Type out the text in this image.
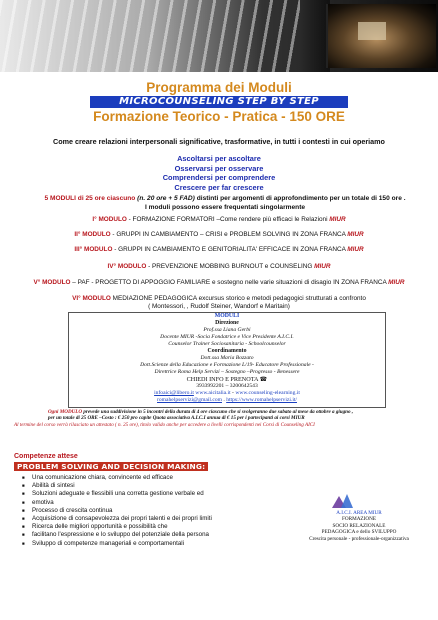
Programma dei Moduli
MICROCOUNSELING STEP BY STEP
Formazione Teorico - Pratica - 150 ORE
Come creare relazioni interpersonali significative, trasformative, in tutti i contesti in cui operiamo
Ascoltarsi per ascoltare
Osservarsi per osservare
Comprendersi per comprendere
Crescere per far crescere
5 MODULI di 25 ore ciascuno (n. 20 ore + 5 FAD) distinti per argomenti di approfondimento per un totale di 150 ore .
I moduli possono essere frequentati singolarmente
I° MODULO - FORMAZIONE FORMATORI –Come rendere più efficaci le Relazioni MIUR
II° MODULO - GRUPPI IN CAMBIAMENTO – CRISI e PROBLEM SOLVING IN ZONA FRANCA MIUR
III° MODULO - GRUPPI IN CAMBIAMENTO E GENITORIALITA' EFFICACE IN ZONA FRANCA MIUR
IV° MODULO - PREVENZIONE MOBBING BURNOUT e COUNSELING MIUR
V° MODULO – PAF - PROGETTO DI APPOGGIO FAMILIARE e sostegno nelle varie situazioni di disagio IN ZONA FRANCA MIUR
VI° MODULO MEDIAZIONE PEDAGOGICA excursus storico e metodi pedagogici strutturati a confronto
( Montessori, , Rudolf Steiner, Wandorf e Maritain)
MODULI
Direzione
Prof.ssa Liana Gerbi
Docente MIUR -Socia Fondatrice e Vice Presidente A.I.C.I.
Counselor Trainer Sociosanitaria - Schoolcounselor
Coordinamento
Dott.ssa Maria Bozzato
Dott.Scienze della Educazione e Formazione L/19- Educatore Professionale -
Direttrice Roma Help Servizi – Sostegno –Progresso - Benessere
CHIEDI INFO E PRENOTA ☎
3933992201 – 3200642543
infoaici@libero.it www.aicitalia.it - www.counseling-elearning.it
romahelpservizi@gmail.com . https://www.romahelpservizi.it/
Ogni MODULO prevede una suddivisione in 5 incontri della durata di 4 ore ciascuno che si svolgeranno due sabato al mese da ottobre a giugno ,
per un totale di 25 ORE –Costo : € 250 pro capite Quota associativa A.I.C.I annua di € 15 per i partecipanti ai corsi MIUR
Al termine del corso verrà rilasciato un attestato ( n. 25 ore), titolo valido anche per accedere a livelli corrispondenti nei Corsi di Counseling AICI
Competenze attese
PROBLEM SOLVING AND DECISION MAKING:
■ Una comunicazione chiara, convincente ed efficace
■ Abilità di sintesi
■ Soluzioni adeguate e flessibili una corretta gestione verbale ed
■ emotiva
■ Processo di crescita continua
■ Acquisizione di consapevolezza dei propri talenti e dei propri limiti
■ Ricerca delle migliori opportunità e possibilità che
■ facilitano l'espressione e lo sviluppo del potenziale della persona
■ Sviluppo di competenze manageriali e comportamentali
A.I.C.I. AREA MIUR
FORMAZIONE
SOCIO RELAZIONALE
PEDAGOGICA e dello SVILUPPO
Crescita personale - professionale-organizzativa
